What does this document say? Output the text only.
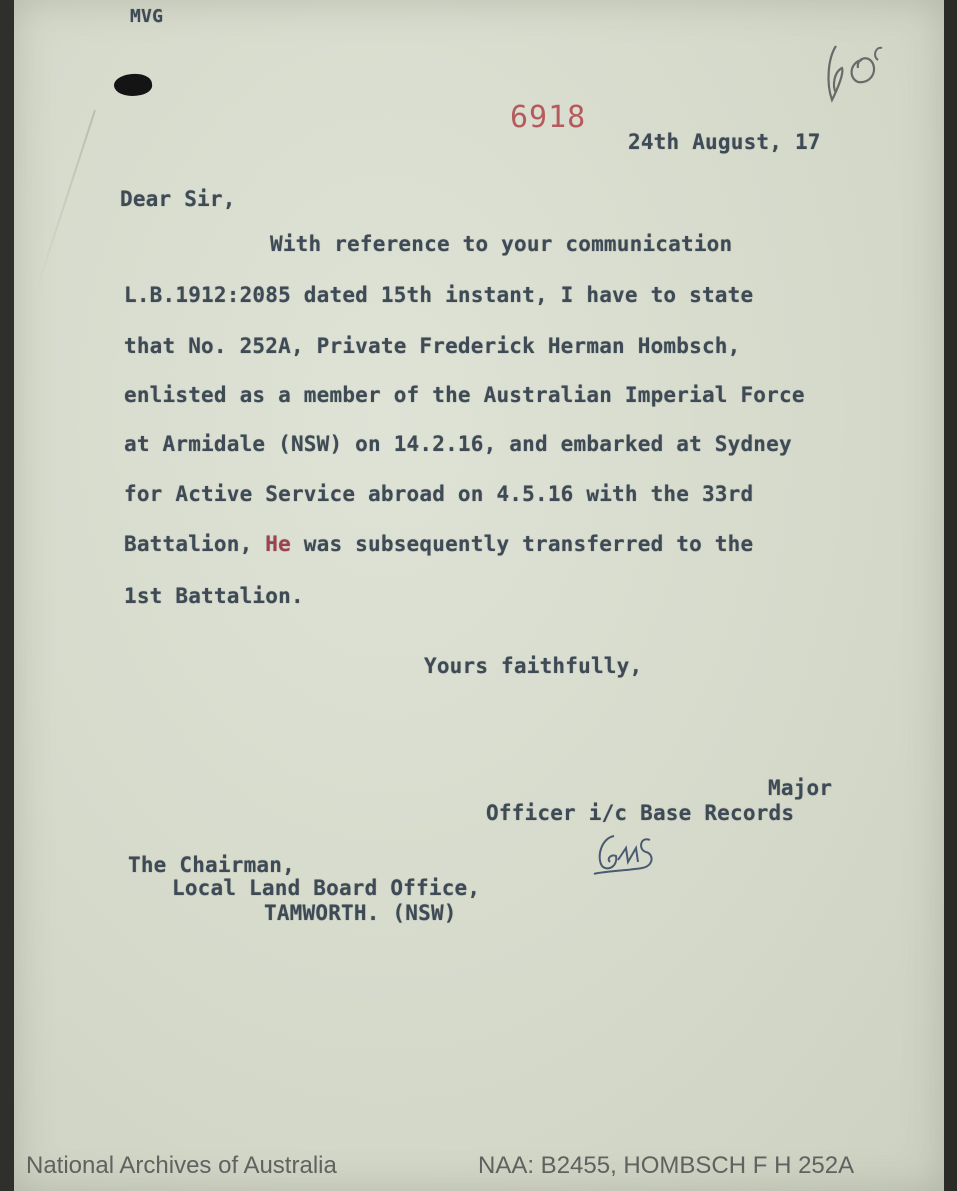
MVG
6918
24th August, 17
Dear Sir,
With reference to your communication
L.B.1912:2085 dated 15th instant, I have to state
that No. 252A, Private Frederick Herman Hombsch,
enlisted as a member of the Australian Imperial Force
at Armidale (NSW) on 14.2.16, and embarked at Sydney
for Active Service abroad on 4.5.16 with the 33rd
Battalion, He was subsequently transferred to the
1st Battalion.
Yours faithfully,
Major
Officer i/c Base Records
The Chairman,
Local Land Board Office,
TAMWORTH. (NSW)
National Archives of Australia	NAA: B2455, HOMBSCH F H 252A
